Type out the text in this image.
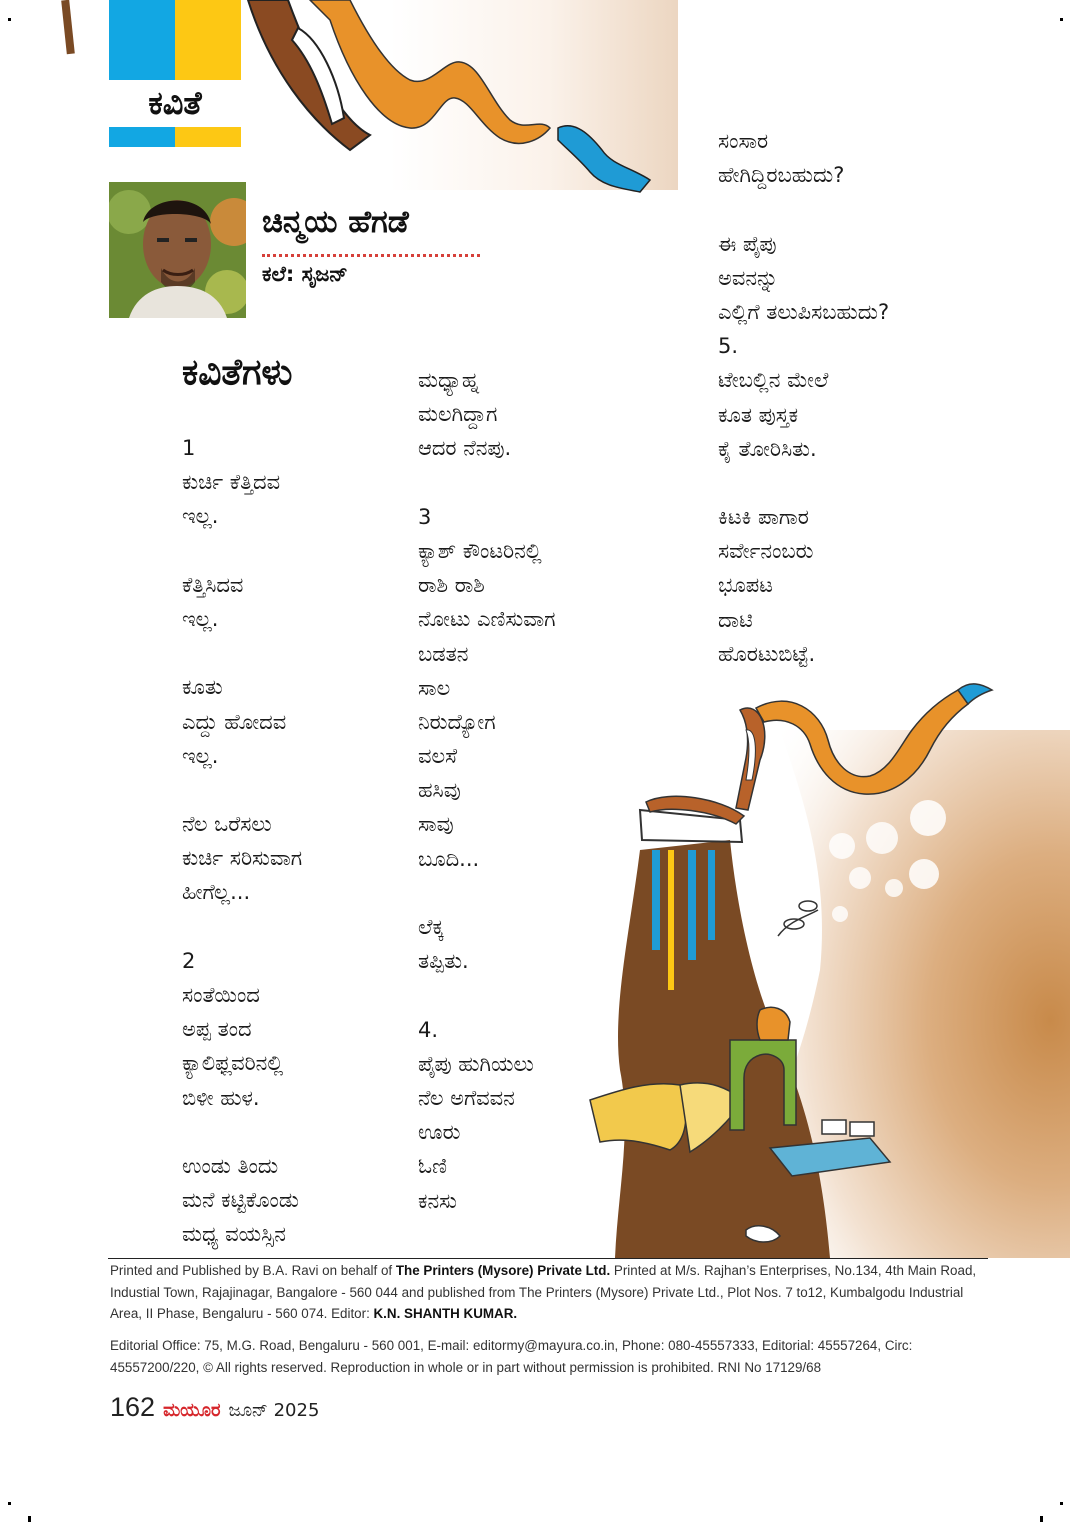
ಕವಿತೆ
ಚಿನ್ಮಯ ಹೆಗಡೆ
ಕಲೆ: ಸೃಜನ್
ಕವಿತೆಗಳು
1
ಕುರ್ಚಿ ಕೆತ್ತಿದವ
ಇಲ್ಲ.
ಕೆತ್ತಿಸಿದವ
ಇಲ್ಲ.
ಕೂತು
ಎದ್ದು ಹೋದವ
ಇಲ್ಲ.
ನೆಲ ಒರೆಸಲು
ಕುರ್ಚಿ ಸರಿಸುವಾಗ
ಹೀಗೆಲ್ಲ...
2
ಸಂತೆಯಿಂದ
ಅಪ್ಪ ತಂದ
ಕ್ಯಾಲಿಫ್ಲವರಿನಲ್ಲಿ
ಬಿಳೀ ಹುಳ.
ಉಂಡು ತಿಂದು
ಮನೆ ಕಟ್ಟಿಕೊಂಡು
ಮಧ್ಯ ವಯಸ್ಸಿನ
ಮಧ್ಯಾಹ್ನ
ಮಲಗಿದ್ದಾಗ
ಆದರ ನೆನಪು.
3
ಕ್ಯಾಶ್ ಕೌಂಟರಿನಲ್ಲಿ
ರಾಶಿ ರಾಶಿ
ನೋಟು ಎಣಿಸುವಾಗ
ಬಡತನ
ಸಾಲ
ನಿರುದ್ಯೋಗ
ವಲಸೆ
ಹಸಿವು
ಸಾವು
ಬೂದಿ...
ಲೆಕ್ಕ
ತಪ್ಪಿತು.
4.
ಪೈಪು ಹುಗಿಯಲು
ನೆಲ ಅಗೆವವನ
ಊರು
ಓಣಿ
ಕನಸು
ಸಂಸಾರ
ಹೇಗಿದ್ದಿರಬಹುದು?
ಈ ಪೈಪು
ಅವನನ್ನು
ಎಲ್ಲಿಗೆ ತಲುಪಿಸಬಹುದು?
5.
ಟೇಬಲ್ಲಿನ ಮೇಲೆ
ಕೂತ ಪುಸ್ತಕ
ಕೈ ತೋರಿಸಿತು.
ಕಿಟಕಿ ಪಾಗಾರ
ಸರ್ವೇನಂಬರು
ಭೂಪಟ
ದಾಟಿ
ಹೊರಟುಬಿಟ್ಟೆ.
Printed and Published by B.A. Ravi on behalf of The Printers (Mysore) Private Ltd. Printed at M/s. Rajhan’s Enterprises, No.134, 4th Main Road, Industial Town, Rajajinagar, Bangalore - 560 044 and published from The Printers (Mysore) Private Ltd., Plot Nos. 7 to12, Kumbalgodu Industrial Area, II Phase, Bengaluru - 560 074. Editor: K.N. SHANTH KUMAR.
Editorial Office: 75, M.G. Road, Bengaluru - 560 001, E-mail: editormy@mayura.co.in, Phone: 080-45557333, Editorial: 45557264, Circ: 45557200/220, © All rights reserved. Reproduction in whole or in part without permission is prohibited. RNI No 17129/68
162 ಮಯೂರ ಜೂನ್ 2025
